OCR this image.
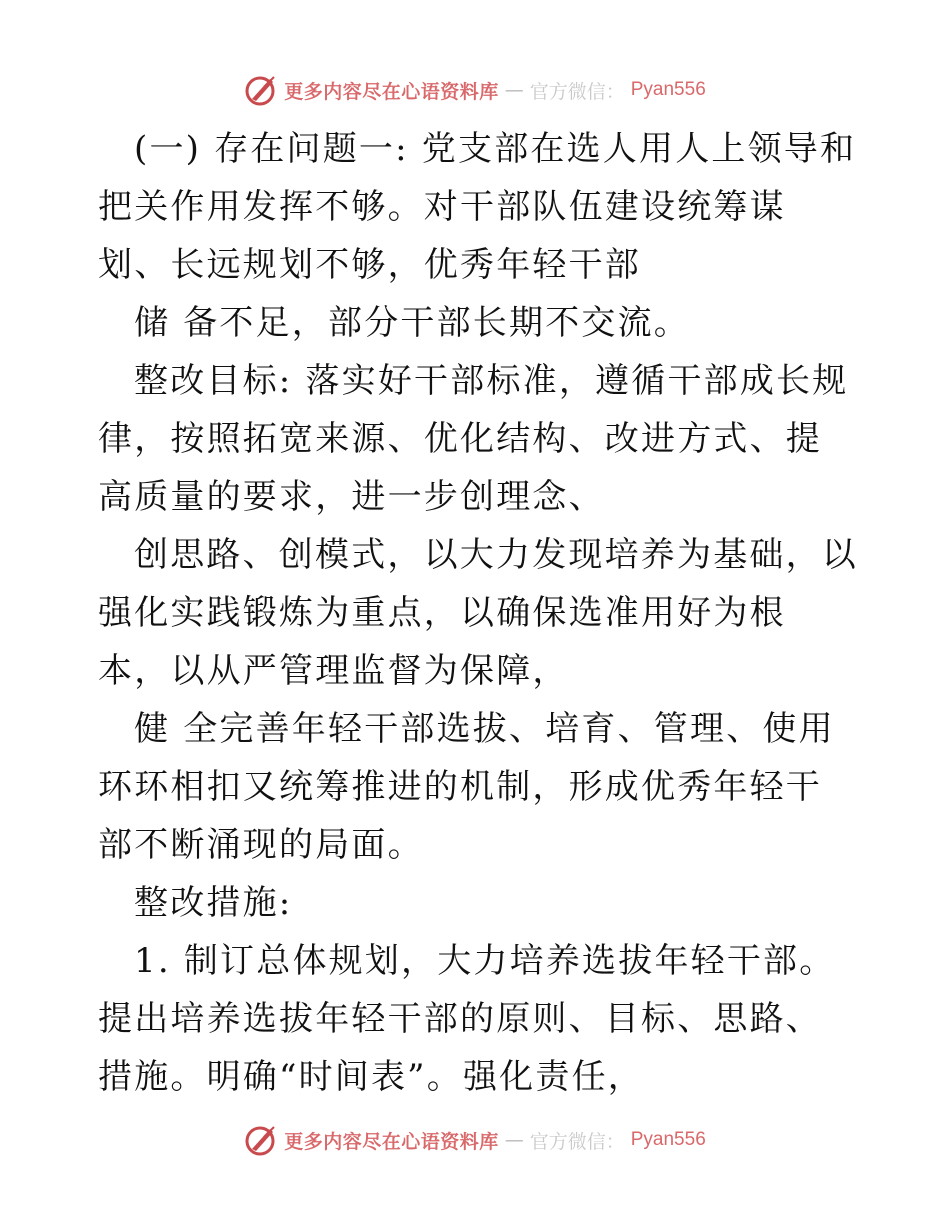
更多内容尽在心语资料库 — 官方微信： Pyan556

(一) 存在问题一: 党支部在选人用人上领导和把关作用发挥不够。对干部队伍建设统筹谋划、长远规划不够，优秀年轻干部

储 备不足，部分干部长期不交流。

整改目标: 落实好干部标准，遵循干部成长规律，按照拓宽来源、优化结构、改进方式、提高质量的要求，进一步创理念、

创思路、创模式，以大力发现培养为基础，以强化实践锻炼为重点，以确保选准用好为根本，以从严管理监督为保障，

健 全完善年轻干部选拔、培育、管理、使用环环相扣又统筹推进的机制，形成优秀年轻干部不断涌现的局面。

整改措施:

1. 制订总体规划，大力培养选拔年轻干部。提出培养选拔年轻干部的原则、目标、思路、措施。明确“时间表”。强化责任，

更多内容尽在心语资料库 — 官方微信： Pyan556
